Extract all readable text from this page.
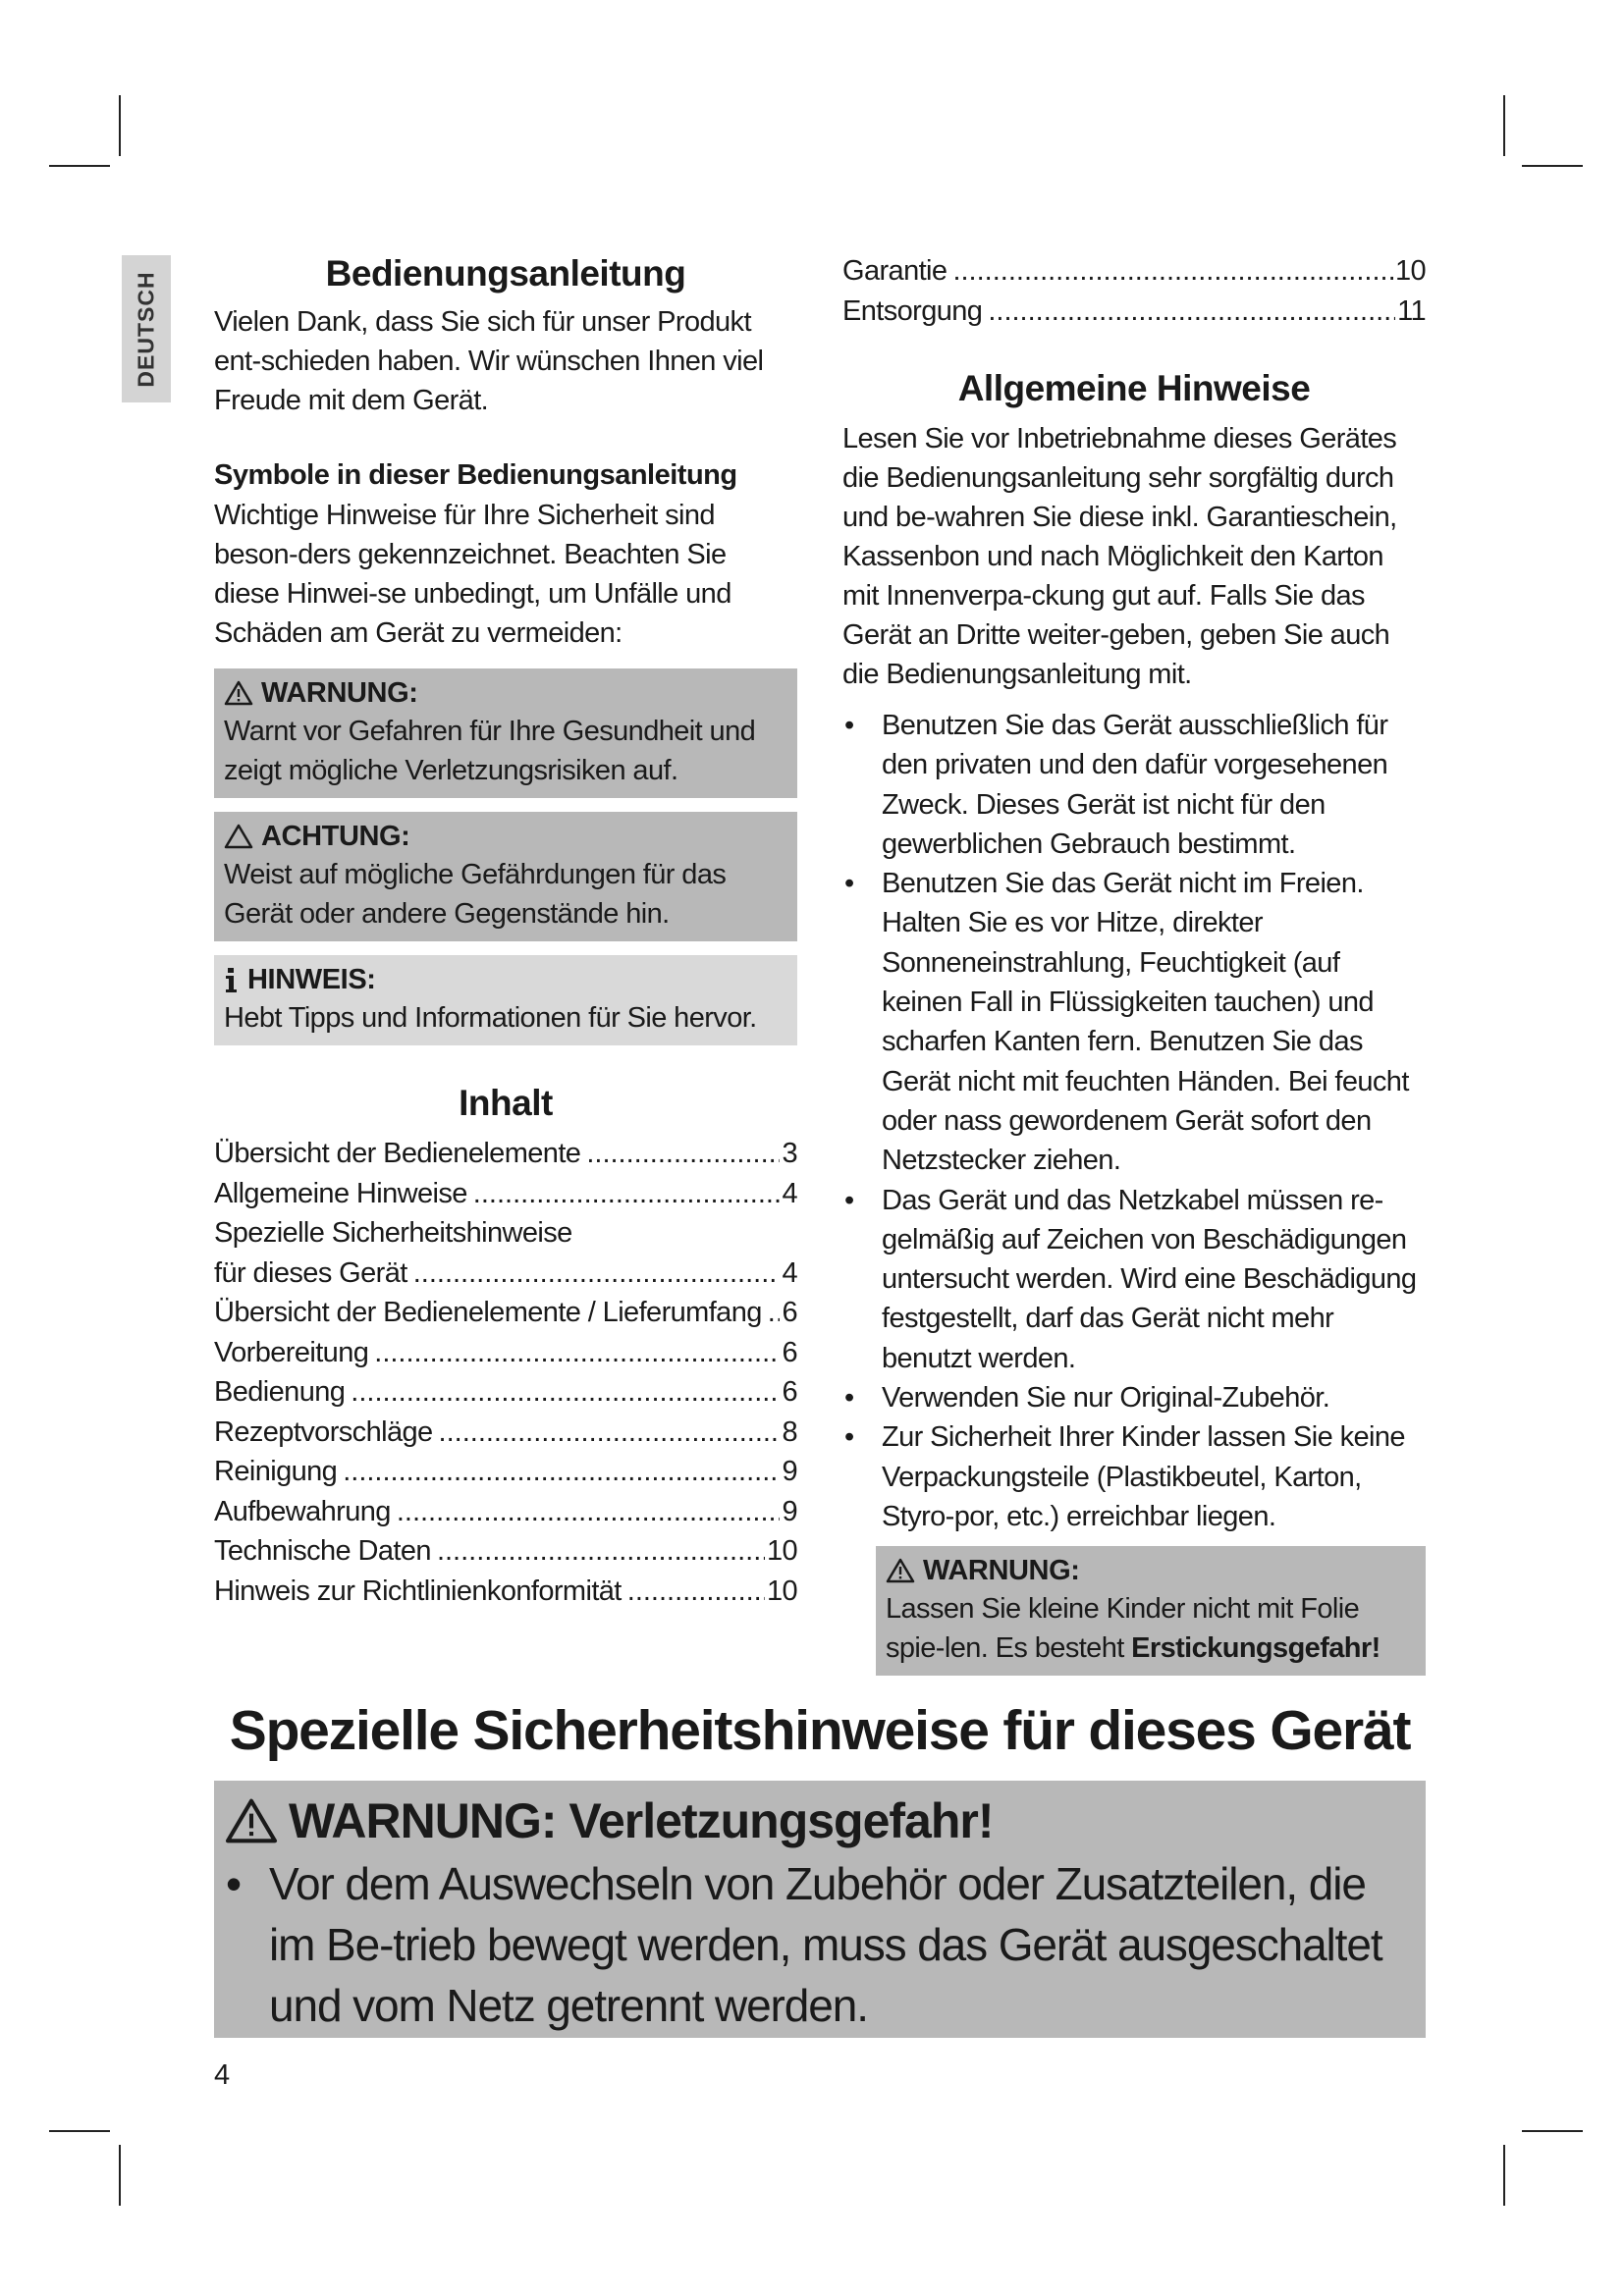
DEUTSCH	Bedienungsanleitung

Vielen Dank, dass Sie sich für unser Produkt ent-schieden haben. Wir wünschen Ihnen viel Freude mit dem Gerät.

Symbole in dieser Bedienungsanleitung

Wichtige Hinweise für Ihre Sicherheit sind beson-ders gekennzeichnet. Beachten Sie diese Hinwei-se unbedingt, um Unfälle und Schäden am Gerät zu vermeiden:

WARNUNG:
Warnt vor Gefahren für Ihre Gesundheit und zeigt mögliche Verletzungsrisiken auf.
ACHTUNG:
Weist auf mögliche Gefährdungen für das Gerät oder andere Gegenstände hin.
HINWEIS:
Hebt Tipps und Informationen für Sie hervor.
Inhalt
Übersicht der Bedienelemente .....	3
Allgemeine Hinweise .....	4
Spezielle Sicherheitshinweise
für dieses Gerät .....	4
Übersicht der Bedienelemente / Lieferumfang ..... 6
Vorbereitung .....	6
Bedienung .....	6
Rezeptvorschläge .....	8
Reinigung .....	9
Aufbewahrung .....	9
Technische Daten .....	10
Hinweis zur Richtlinienkonformität .....	10
Garantie .....	10
Entsorgung .....	11
Allgemeine Hinweise

Lesen Sie vor Inbetriebnahme dieses Gerätes die Bedienungsanleitung sehr sorgfältig durch und be-wahren Sie diese inkl. Garantieschein, Kassenbon und nach Möglichkeit den Karton mit Innenverpa-ckung gut auf. Falls Sie das Gerät an Dritte weiter-geben, geben Sie auch die Bedienungsanleitung mit.

• Benutzen Sie das Gerät ausschließlich für den privaten und den dafür vorgesehenen Zweck. Dieses Gerät ist nicht für den gewerblichen Gebrauch bestimmt.
• Benutzen Sie das Gerät nicht im Freien. Halten Sie es vor Hitze, direkter Sonneneinstrahlung, Feuchtigkeit (auf keinen Fall in Flüssigkeiten tauchen) und scharfen Kanten fern. Benutzen Sie das Gerät nicht mit feuchten Händen. Bei feucht oder nass gewordenem Gerät sofort den Netzstecker ziehen.
• Das Gerät und das Netzkabel müssen re-gelmäßig auf Zeichen von Beschädigungen untersucht werden. Wird eine Beschädigung festgestellt, darf das Gerät nicht mehr benutzt werden.
• Verwenden Sie nur Original-Zubehör.
• Zur Sicherheit Ihrer Kinder lassen Sie keine Verpackungsteile (Plastikbeutel, Karton, Styro-por, etc.) erreichbar liegen.
WARNUNG:
Lassen Sie kleine Kinder nicht mit Folie spie-len. Es besteht Erstickungsgefahr!
Spezielle Sicherheitshinweise für dieses Gerät
WARNUNG: Verletzungsgefahr!
• Vor dem Auswechseln von Zubehör oder Zusatzteilen, die im Be-trieb bewegt werden, muss das Gerät ausgeschaltet und vom Netz getrennt werden.
4
